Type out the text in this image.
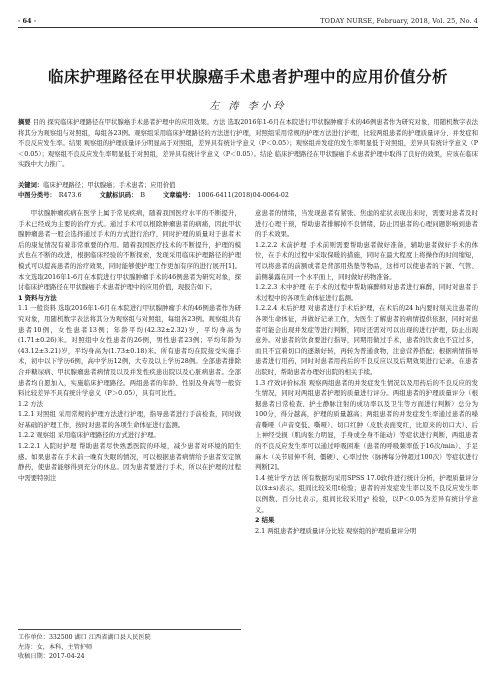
· 64 ·	TODAY NURSE, February, 2018, Vol. 25, No. 4
临床护理路径在甲状腺癌手术患者护理中的应用价值分析
左 涛 李小玲
摘要 目的 探究临床护理路径在甲状腺癌手术患者护理中的应用效果。方法 选取2016年1-6月在本院进行甲状腺肿瘤手术的46例患者作为研究对象，用随机数字表法将其分为观察组与对照组，每组各23例。观察组采用临床护理路径的方法进行护理，对照组采用常规的护理方法进行护理，比较两组患者的护理质量评分、并发症和不良反应发生率。结果 观察组的护理质量评分明显高于对照组，差异具有统计学意义（P＜0.05）；观察组并发症的发生率明显低于对照组，差异具有统计学意义（P＜0.05）；观察组不良反应发生率明显低于对照组，差异具有统计学意义（P＜0.05）。结论 临床护理路径在甲状腺癌手术患者护理中取得了良好的效果，应该在临床实践中大力推广。
关键词：临床护理路径；甲状腺癌；手术患者；应用价值
中图分类号： R473.6	文献标识码： B	文章编号： 1006-6411(2018)04-0064-02

甲状腺肿瘤疾病在医学上属于常见疾病，随着我国医疗水平的不断提升，手术已经成为主要的治疗方式。通过手术可以根除肿瘤患者的病痛，因此甲状腺肿瘤患者一般会选择通过手术的方式进行治疗，同时护理的质量对于患者术后的康复情况有着非常重要的作用。随着我国医疗技术的不断提升，护理的模式也在不断的改进，根据临床经验的不断探索，发现采用临床护理路径的护理模式可以提高患者的治疗效果，同时能够使护理工作更加有序的进行展开[1]。本文选取2016年1-6月在本院进行甲状腺肿瘤手术的46例患者为研究对象，探讨临床护理路径在甲状腺癌手术患者护理中的应用价值，现报告如下。

1 资料与方法

1.1 一般资料 选取2016年1-6月在本院进行甲状腺肿瘤手术的46例患者作为研究对象，用随机数字表法将其分为观察组与对照组，每组各23例。观察组共有患者10例，女性患者13例；年龄平均(42.32±2.32)岁，平均身高为(1.71±0.26)米。对照组中女性患者的26例，男性患者23例；平均年龄为(43.12±3.21)岁，平均身高为(1.73±0.18)米。所有患者均在院接受实施手术，初中以下学历6例，高中学历12例，大专及以上学历28例。全部患者排除合并糖尿病、甲状腺瘤患者病情及以及并发性疾患出院以及心脏病患者。全部患者均自愿加入，实施临床护理路径。两组患者的年龄、性别及身高等一般资料比较差异不具有统计学意义（P＞0.05），具有可比性。

1.2 方法

1.2.1 对照组 采用常规的护理方法进行护理，指导患者进行手前检查，同时做好基础的护理工作，按时对患者的各项生命体征进行监测。

1.2.2 观察组 采用临床护理路径的方式进行护理。

1.2.2.1 入院时护理 帮助患者尽快熟悉医院的环境，减少患者对环境的陌生感。如果患者在手术前一晚有失眠的情况，可以根据患者病情给予患者安定镇静药，使患者能够得到充分的休息。因为患者要进行手术，所以在护理的过程中需要特别注

意患者的情绪，当发现患者有紧张、焦虑的症状表现出来时，需要对患者及时进行心理干预，帮助患者排解掉不良情绪，防止因患者的心理问题影响到患者的手术效果。

1.2.2.2 术前护理 手术前则需要帮助患者做好准备，辅助患者做好手术的体位，在手术的过程中采取保暖的措施，同时在最大程度上将操作的时间缩短，可以将患者的前额或者是背部用热垫等物品，这样可以使患者的下颌、气管、前侧暴露在同一个水平面上，同时做好药物准备。

1.2.2.3 术中护理 在手术的过程中帮助麻醉师对患者进行麻醉，同时对患者手术过程中的各项生命体征进行监测。

1.2.2.4 术后护理 对患者进行手术后护理，在术后的24 h内要时刻关注患者的各项生命体征，并做好记录工作，为医生了解患者的病情提供依据，同时对患者可能会出现并发症等进行判断，同时还需对可以出现的进行护理，防止出现意外。对患者的饮食要进行指导，同期用做过手术，患者的饮食也不宜过多，而且不宜着切口的逐渐好转，再转为普通食物，注意营养搭配；根据病情指导患者进行用药，同时对患者用药后的不良反应以及后期效果进行记录。在患者出院时，帮助患者办理好出院的相关手续。

1.3 疗效评价标准 观察两组患者的并发症发生情况以及用药后的不良反应的发生情况，同时对两组患者护理的质量进行评分。两组患者的护理质量评分（根据患者日常检查、护士静脉注射的成功率以及卫生等方面进行判断）总分为100分，得分越高，护理的质量越高；两组患者的并发症发生率通过患者的嗓音嘶哑（声音变低、嘶哑）、切口红肿（皮肤表面变红，比原来的切口大）、后上神经受损（肌肉张力明显，手身或全身不能动）等症状进行判断，两组患者的不良反应发生率可以通过呼吸困难（患者的呼吸频率低于16次/min）、手足麻木（关节屈伸不利、僵硬）、心率过快（脉搏每分钟超过100次）等症状进行判断[2]。

1.4 统计学方法 所有数据均采用SPSS 17.0软件进行统计分析，护理质量评分以(x̄±s)表示，组间比较采用t检验；患者的并发症发生率以及不良反应发生率以例数、百分比表示，组间比较采用χ² 检验，以P＜0.05为差异有统计学意义。

2 结果

2.1 两组患者护理质量评分比较 观察组的护理质量评分明

工作单位：332500 湖口 江西省湖口县人民医院
左涛：女，本科，主管护师
收稿日期：2017-04-24
